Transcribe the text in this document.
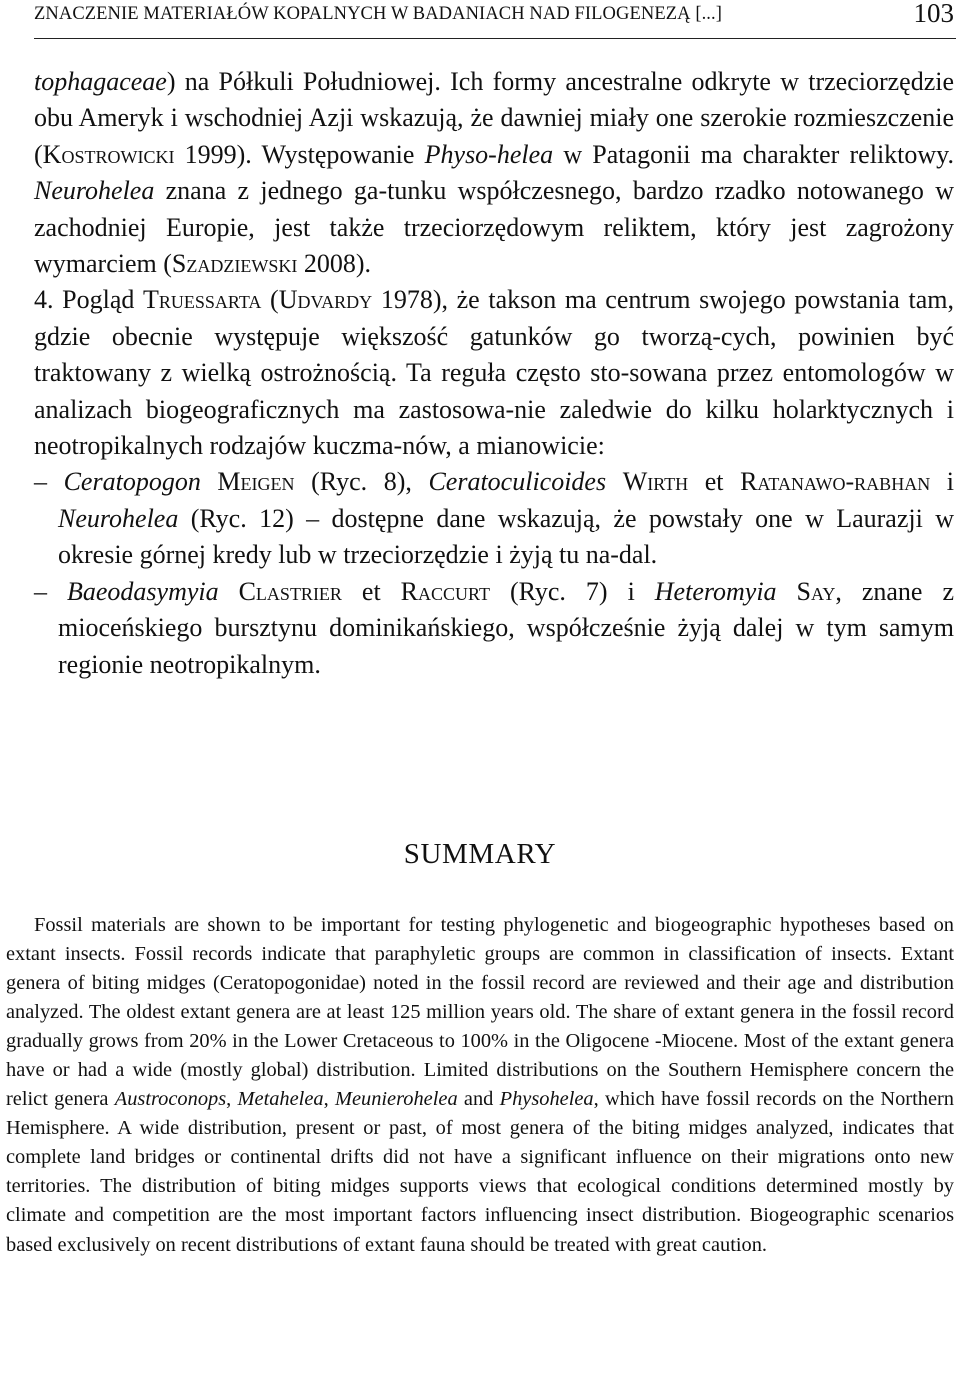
ZNACZENIE MATERIAŁÓW KOPALNYCH W BADANIACH NAD FILOGENEZĄ [...]	103

tophagaceae) na Półkuli Południowej. Ich formy ancestralne odkryte w trzeciorzędzie obu Ameryk i wschodniej Azji wskazują, że dawniej miały one szerokie rozmieszczenie (Kostrowicki 1999). Występowanie Physo-helea w Patagonii ma charakter reliktowy. Neurohelea znana z jednego ga-tunku współczesnego, bardzo rzadko notowanego w zachodniej Europie, jest także trzeciorzędowym reliktem, który jest zagrożony wymarciem (Szadziewski 2008).

4. Pogląd Truessarta (Udvardy 1978), że takson ma centrum swojego powstania tam, gdzie obecnie występuje większość gatunków go tworzą-cych, powinien być traktowany z wielką ostrożnością. Ta reguła często sto-sowana przez entomologów w analizach biogeograficznych ma zastosowa-nie zaledwie do kilku holarktycznych i neotropikalnych rodzajów kuczma-nów, a mianowicie:

– Ceratopogon Meigen (Ryc. 8), Ceratoculicoides Wirth et Ratanawo-rabhan i Neurohelea (Ryc. 12) – dostępne dane wskazują, że powstały one w Laurazji w okresie górnej kredy lub w trzeciorzędzie i żyją tu na-dal.

– Baeodasymyia Clastrier et Raccurt (Ryc. 7) i Heteromyia Say, znane z mioceńskiego bursztynu dominikańskiego, współcześnie żyją dalej w tym samym regionie neotropikalnym.

SUMMARY

Fossil materials are shown to be important for testing phylogenetic and biogeographic hypotheses based on extant insects. Fossil records indicate that paraphyletic groups are common in classification of insects. Extant genera of biting midges (Ceratopogonidae) noted in the fossil record are reviewed and their age and distribution analyzed. The oldest extant genera are at least 125 million years old. The share of extant genera in the fossil record gradually grows from 20% in the Lower Cretaceous to 100% in the Oligocene -Miocene. Most of the extant genera have or had a wide (mostly global) distribution. Limited distributions on the Southern Hemisphere concern the relict genera Austroconops, Metahelea, Meunierohelea and Physohelea, which have fossil records on the Northern Hemisphere. A wide distribution, present or past, of most genera of the biting midges analyzed, indicates that complete land bridges or continental drifts did not have a significant influence on their migrations onto new territories. The distribution of biting midges supports views that ecological conditions determined mostly by climate and competition are the most important factors influencing insect distribution. Biogeographic scenarios based exclusively on recent distributions of extant fauna should be treated with great caution.
